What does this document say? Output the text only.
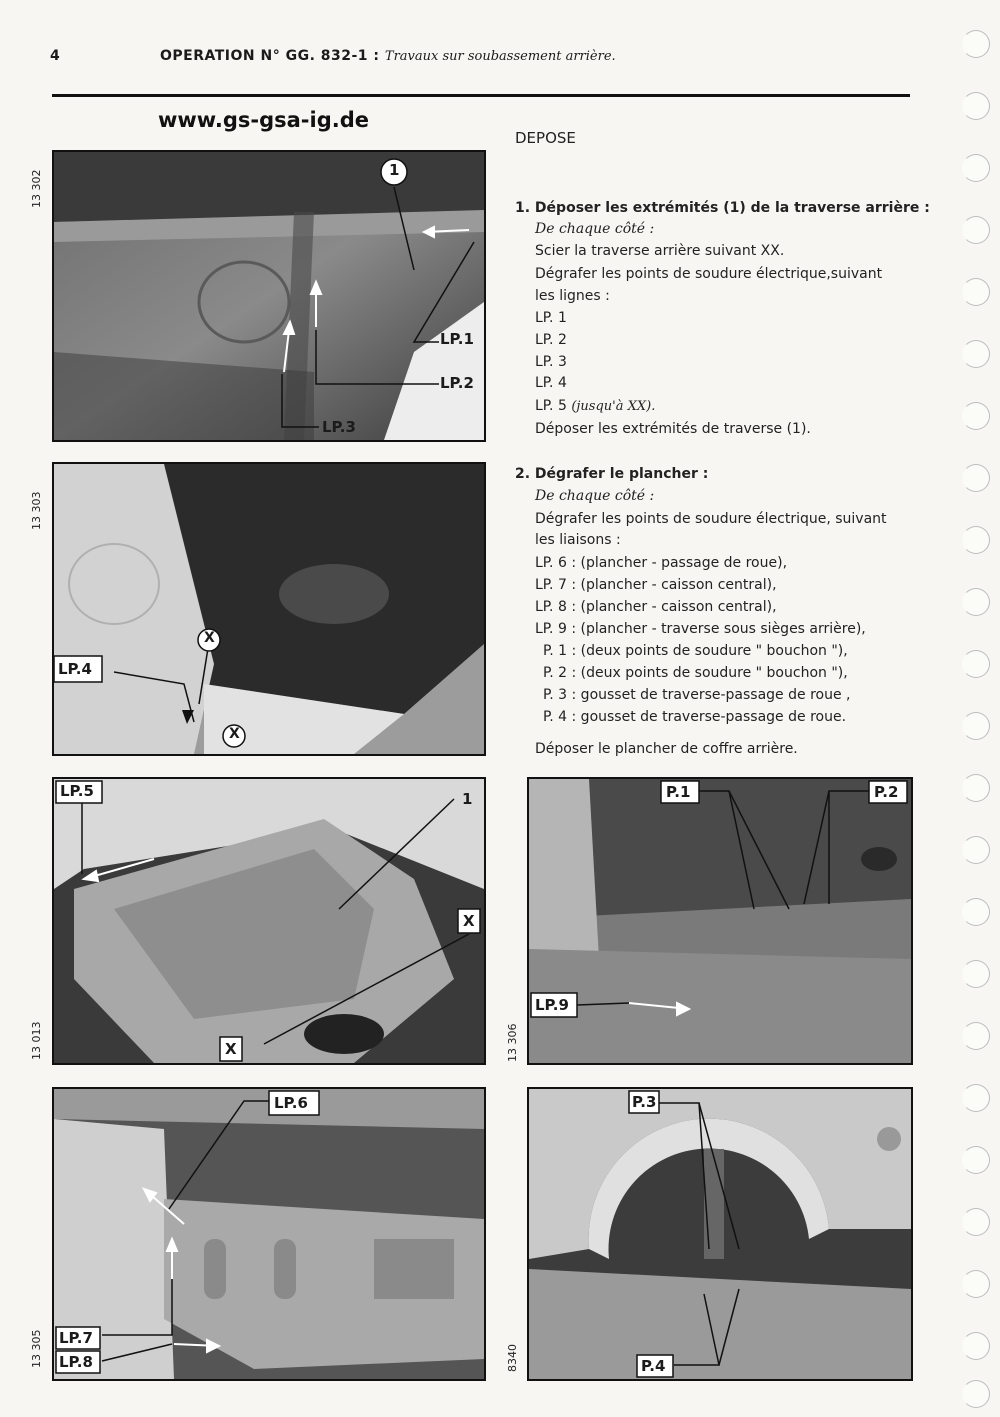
4	OPERATION N° GG. 832-1 : Travaux sur soubassement arrière.
www.gs-gsa-ig.de
13 302
13 303
13 013	13 306
13 305	8340
1
LP.1
LP.2
LP.3
X
X
LP.4
LP.5	1
X
X
P.1	P.2
LP.9
LP.6
LP.7
LP.8
P.3
P.4
DEPOSE
1. Déposer les extrémités (1) de la traverse arrière :
De chaque côté :
Scier la traverse arrière suivant XX.
Dégrafer les points de soudure électrique,suivant
les lignes :
LP. 1
LP. 2
LP. 3
LP. 4
LP. 5 (jusqu'à XX).
Déposer les extrémités de traverse (1).
2. Dégrafer le plancher :
De chaque côté :
Dégrafer les points de soudure électrique, suivant
les liaisons :
LP. 6 : (plancher - passage de roue),
LP. 7 : (plancher - caisson central),
LP. 8 : (plancher - caisson central),
LP. 9 : (plancher - traverse sous sièges arrière),
P. 1 : (deux points de soudure " bouchon "),
P. 2 : (deux points de soudure " bouchon "),
P. 3 : gousset de traverse-passage de roue ,
P. 4 : gousset de traverse-passage de roue.
Déposer le plancher de coffre arrière.
